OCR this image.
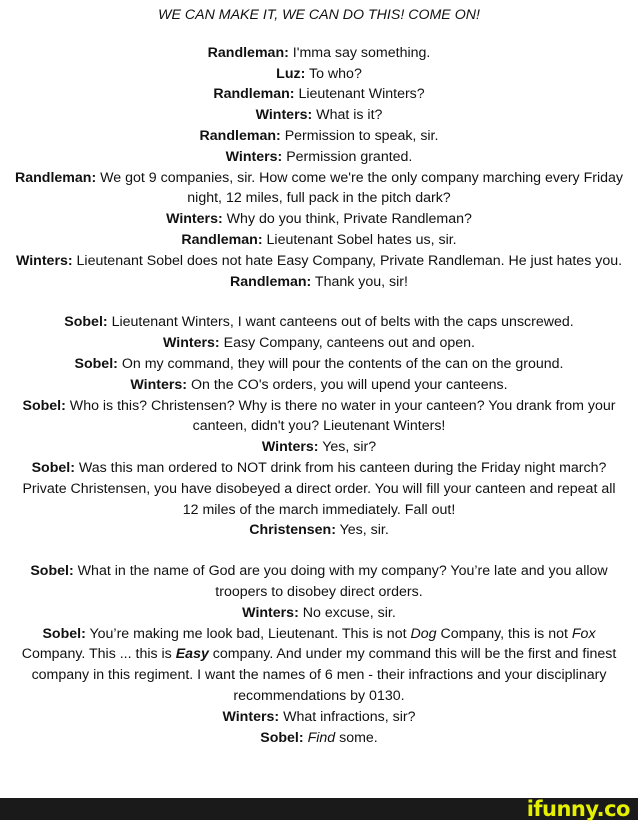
WE CAN MAKE IT, WE CAN DO THIS! COME ON!

Randleman: I'mma say something.

Luz: To who?

Randleman: Lieutenant Winters?

Winters: What is it?

Randleman: Permission to speak, sir.

Winters: Permission granted.

Randleman: We got 9 companies, sir. How come we're the only company marching every Friday night, 12 miles, full pack in the pitch dark?

Winters: Why do you think, Private Randleman?

Randleman: Lieutenant Sobel hates us, sir.

Winters: Lieutenant Sobel does not hate Easy Company, Private Randleman. He just hates you.

Randleman: Thank you, sir!

Sobel: Lieutenant Winters, I want canteens out of belts with the caps unscrewed.

Winters: Easy Company, canteens out and open.

Sobel: On my command, they will pour the contents of the can on the ground.

Winters: On the CO's orders, you will upend your canteens.

Sobel: Who is this? Christensen? Why is there no water in your canteen? You drank from your canteen, didn't you? Lieutenant Winters!

Winters: Yes, sir?

Sobel: Was this man ordered to NOT drink from his canteen during the Friday night march?

Private Christensen, you have disobeyed a direct order. You will fill your canteen and repeat all 12 miles of the march immediately. Fall out!

Christensen: Yes, sir.

Sobel: What in the name of God are you doing with my company? You’re late and you allow troopers to disobey direct orders.

Winters: No excuse, sir.

Sobel: You’re making me look bad, Lieutenant. This is not Dog Company, this is not Fox Company. This ... this is Easy company. And under my command this will be the first and finest company in this regiment. I want the names of 6 men - their infractions and your disciplinary recommendations by 0130.

Winters: What infractions, sir?

Sobel: Find some.

ifunny.co
